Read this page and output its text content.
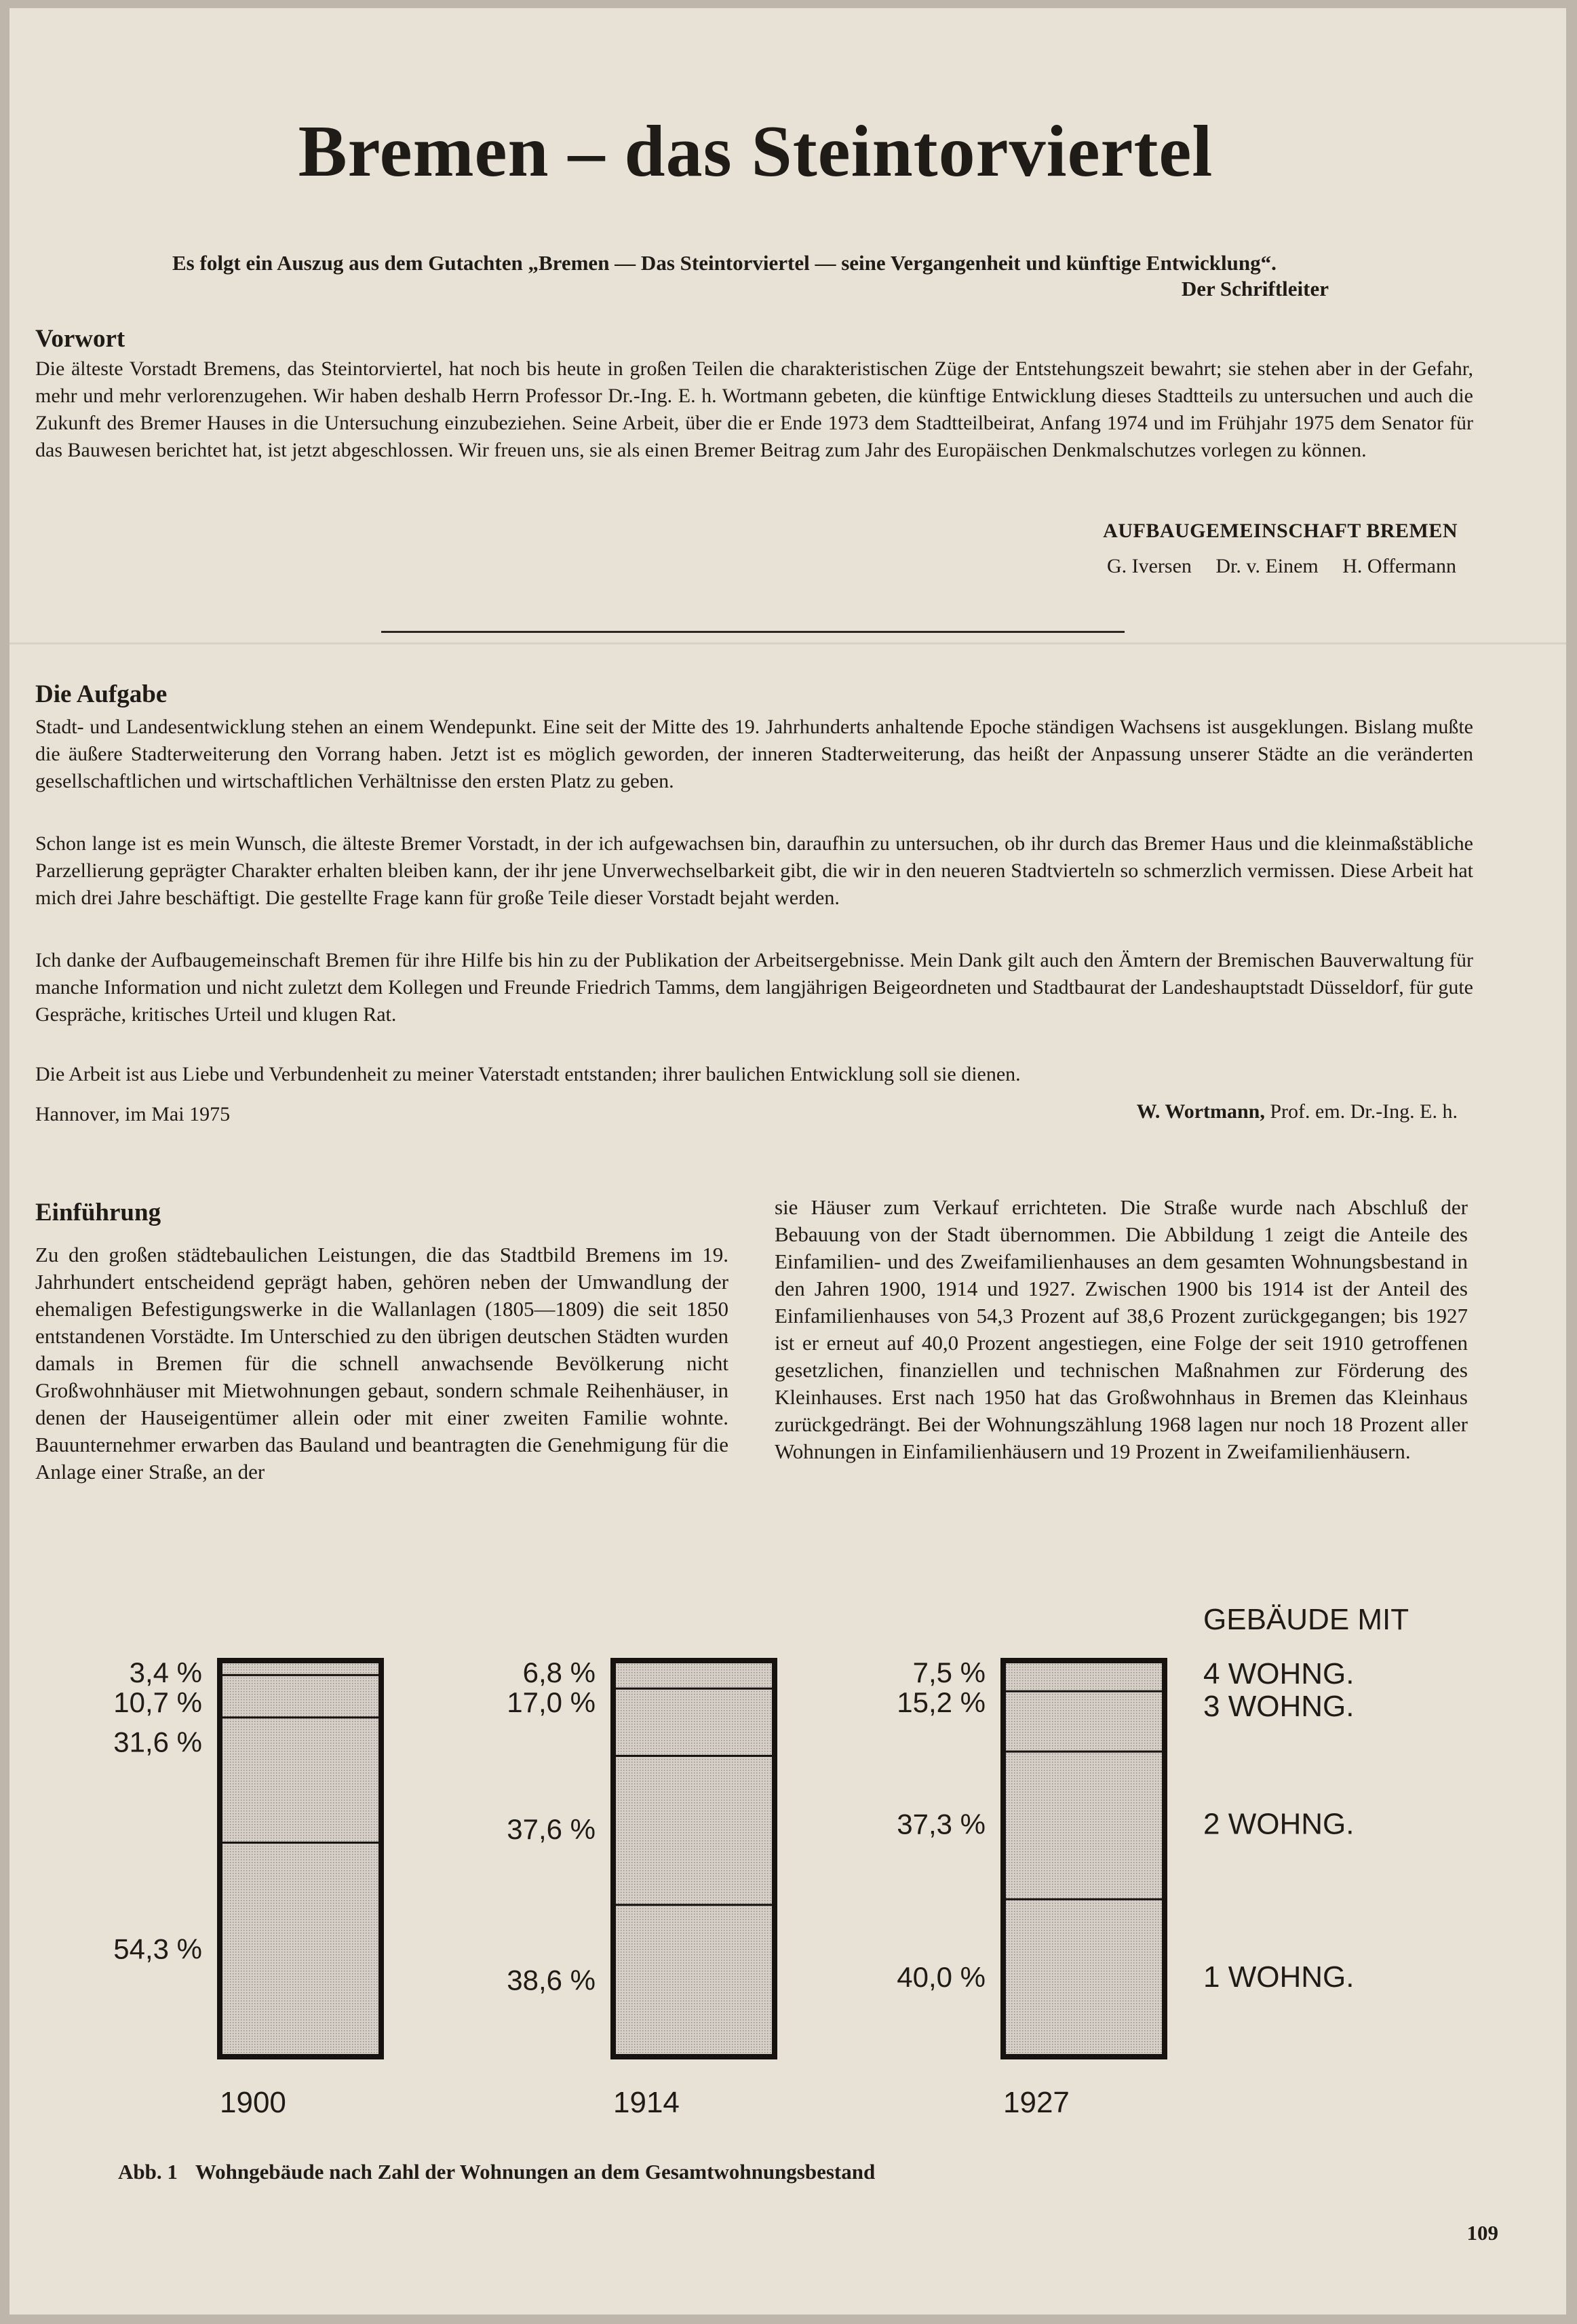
Bremen – das Steintorviertel

Es folgt ein Auszug aus dem Gutachten „Bremen — Das Steintorviertel — seine Vergangenheit und künftige Entwicklung“.

Der Schriftleiter
Vorwort

Die älteste Vorstadt Bremens, das Steintorviertel, hat noch bis heute in großen Teilen die charakteristischen Züge der Entstehungszeit bewahrt; sie stehen aber in der Gefahr, mehr und mehr verlorenzugehen. Wir haben deshalb Herrn Professor Dr.-Ing. E. h. Wortmann gebeten, die künftige Entwicklung dieses Stadtteils zu untersuchen und auch die Zukunft des Bremer Hauses in die Untersuchung einzubeziehen. Seine Arbeit, über die er Ende 1973 dem Stadtteilbeirat, Anfang 1974 und im Frühjahr 1975 dem Senator für das Bauwesen berichtet hat, ist jetzt abgeschlossen. Wir freuen uns, sie als einen Bremer Beitrag zum Jahr des Europäischen Denkmalschutzes vorlegen zu können.

AUFBAUGEMEINSCHAFT BREMEN

G. Iversen Dr. v. Einem H. Offermann

Die Aufgabe

Stadt- und Landesentwicklung stehen an einem Wendepunkt. Eine seit der Mitte des 19. Jahrhunderts anhaltende Epoche ständigen Wachsens ist ausgeklungen. Bislang mußte die äußere Stadterweiterung den Vorrang haben. Jetzt ist es möglich geworden, der inneren Stadterweiterung, das heißt der Anpassung unserer Städte an die veränderten gesellschaftlichen und wirtschaftlichen Verhältnisse den ersten Platz zu geben.

Schon lange ist es mein Wunsch, die älteste Bremer Vorstadt, in der ich aufgewachsen bin, daraufhin zu untersuchen, ob ihr durch das Bremer Haus und die kleinmaßstäbliche Parzellierung geprägter Charakter erhalten bleiben kann, der ihr jene Unverwechselbarkeit gibt, die wir in den neueren Stadtvierteln so schmerzlich vermissen. Diese Arbeit hat mich drei Jahre beschäftigt. Die gestellte Frage kann für große Teile dieser Vorstadt bejaht werden.

Ich danke der Aufbaugemeinschaft Bremen für ihre Hilfe bis hin zu der Publikation der Arbeitsergebnisse. Mein Dank gilt auch den Ämtern der Bremischen Bauverwaltung für manche Information und nicht zuletzt dem Kollegen und Freunde Friedrich Tamms, dem langjährigen Beigeordneten und Stadtbaurat der Landeshauptstadt Düsseldorf, für gute Gespräche, kritisches Urteil und klugen Rat.

Die Arbeit ist aus Liebe und Verbundenheit zu meiner Vaterstadt entstanden; ihrer baulichen Entwicklung soll sie dienen.

Hannover, im Mai 1975	W. Wortmann, Prof. em. Dr.-Ing. E. h.

Einführung

Zu den großen städtebaulichen Leistungen, die das Stadtbild Bremens im 19. Jahrhundert entscheidend geprägt haben, gehören neben der Umwandlung der ehemaligen Befestigungswerke in die Wallanlagen (1805—1809) die seit 1850 entstandenen Vorstädte. Im Unterschied zu den übrigen deutschen Städten wurden damals in Bremen für die schnell anwachsende Bevölkerung nicht Großwohnhäuser mit Mietwohnungen gebaut, sondern schmale Reihenhäuser, in denen der Hauseigentümer allein oder mit einer zweiten Familie wohnte. Bauunternehmer erwarben das Bauland und beantragten die Genehmigung für die Anlage einer Straße, an der

sie Häuser zum Verkauf errichteten. Die Straße wurde nach Abschluß der Bebauung von der Stadt übernommen. Die Abbildung 1 zeigt die Anteile des Einfamilien- und des Zweifamilienhauses an dem gesamten Wohnungsbestand in den Jahren 1900, 1914 und 1927. Zwischen 1900 bis 1914 ist der Anteil des Einfamilienhauses von 54,3 Prozent auf 38,6 Prozent zurückgegangen; bis 1927 ist er erneut auf 40,0 Prozent angestiegen, eine Folge der seit 1910 getroffenen gesetzlichen, finanziellen und technischen Maßnahmen zur Förderung des Kleinhauses. Erst nach 1950 hat das Großwohnhaus in Bremen das Kleinhaus zurückgedrängt. Bei der Wohnungszählung 1968 lagen nur noch 18 Prozent aller Wohnungen in Einfamilienhäusern und 19 Prozent in Zweifamilienhäusern.

54,3 %
31,6 %
10,7 %
3,4 %
1900
38,6 %
37,6 %
17,0 %
6,8 %
1914
40,0 %
37,3 %
15,2 %
7,5 %
1927
GEBÄUDE MIT
1 WOHNG.
2 WOHNG.
3 WOHNG.
4 WOHNG.

Abb. 1 Wohngebäude nach Zahl der Wohnungen an dem Gesamtwohnungsbestand

109
